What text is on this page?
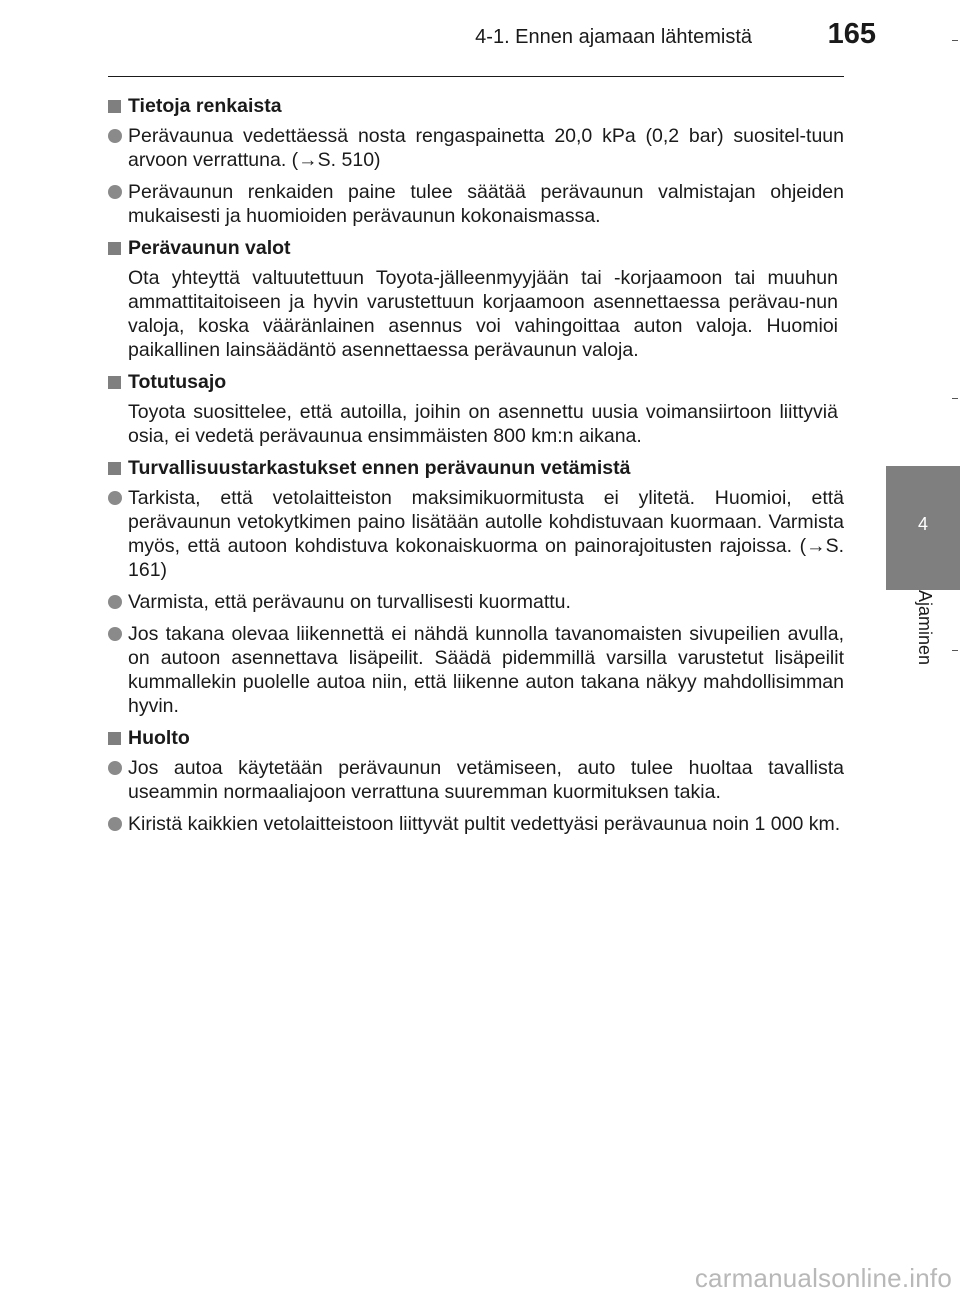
4-1. Ennen ajamaan lähtemistä	165
4
Ajaminen
Tietoja renkaista
Perävaunua vedettäessä nosta rengaspainetta 20,0 kPa (0,2 bar) suositel-tuun arvoon verrattuna. (→S. 510)
Perävaunun renkaiden paine tulee säätää perävaunun valmistajan ohjeiden mukaisesti ja huomioiden perävaunun kokonaismassa.
Perävaunun valot
Ota yhteyttä valtuutettuun Toyota-jälleenmyyjään tai -korjaamoon tai muuhun ammattitaitoiseen ja hyvin varustettuun korjaamoon asennettaessa perävau-nun valoja, koska vääränlainen asennus voi vahingoittaa auton valoja. Huomioi paikallinen lainsäädäntö asennettaessa perävaunun valoja.
Totutusajo
Toyota suosittelee, että autoilla, joihin on asennettu uusia voimansiirtoon liittyviä osia, ei vedetä perävaunua ensimmäisten 800 km:n aikana.
Turvallisuustarkastukset ennen perävaunun vetämistä
Tarkista, että vetolaitteiston maksimikuormitusta ei ylitetä. Huomioi, että perävaunun vetokytkimen paino lisätään autolle kohdistuvaan kuormaan. Varmista myös, että autoon kohdistuva kokonaiskuorma on painorajoitusten rajoissa. (→S. 161)
Varmista, että perävaunu on turvallisesti kuormattu.
Jos takana olevaa liikennettä ei nähdä kunnolla tavanomaisten sivupeilien avulla, on autoon asennettava lisäpeilit. Säädä pidemmillä varsilla varustetut lisäpeilit kummallekin puolelle autoa niin, että liikenne auton takana näkyy mahdollisimman hyvin.
Huolto
Jos autoa käytetään perävaunun vetämiseen, auto tulee huoltaa tavallista useammin normaaliajoon verrattuna suuremman kuormituksen takia.
Kiristä kaikkien vetolaitteistoon liittyvät pultit vedettyäsi perävaunua noin 1 000 km.
carmanualsonline.info
